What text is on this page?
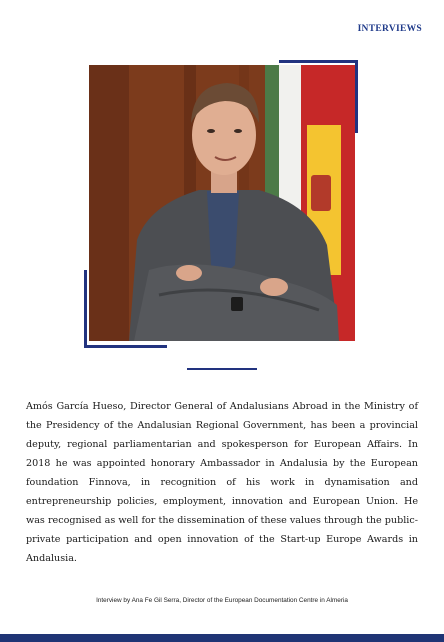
INTERVIEWS

Amós García Hueso, Director General of Andalusians Abroad in the Ministry of the Presidency of the Andalusian Regional Government, has been a provincial deputy, regional parliamentarian and spokesperson for European Affairs. In 2018 he was appointed honorary Ambassador in Andalusia by the European foundation Finnova, in recognition of his work in dynamisation and entrepreneurship policies, employment, innovation and European Union. He was recognised as well for the dissemination of these values through the public-private participation and open innovation of the Start-up Europe Awards in Andalusia.

Interview by Ana Fe Gil Serra, Director of the European Documentation Centre in Almeria
